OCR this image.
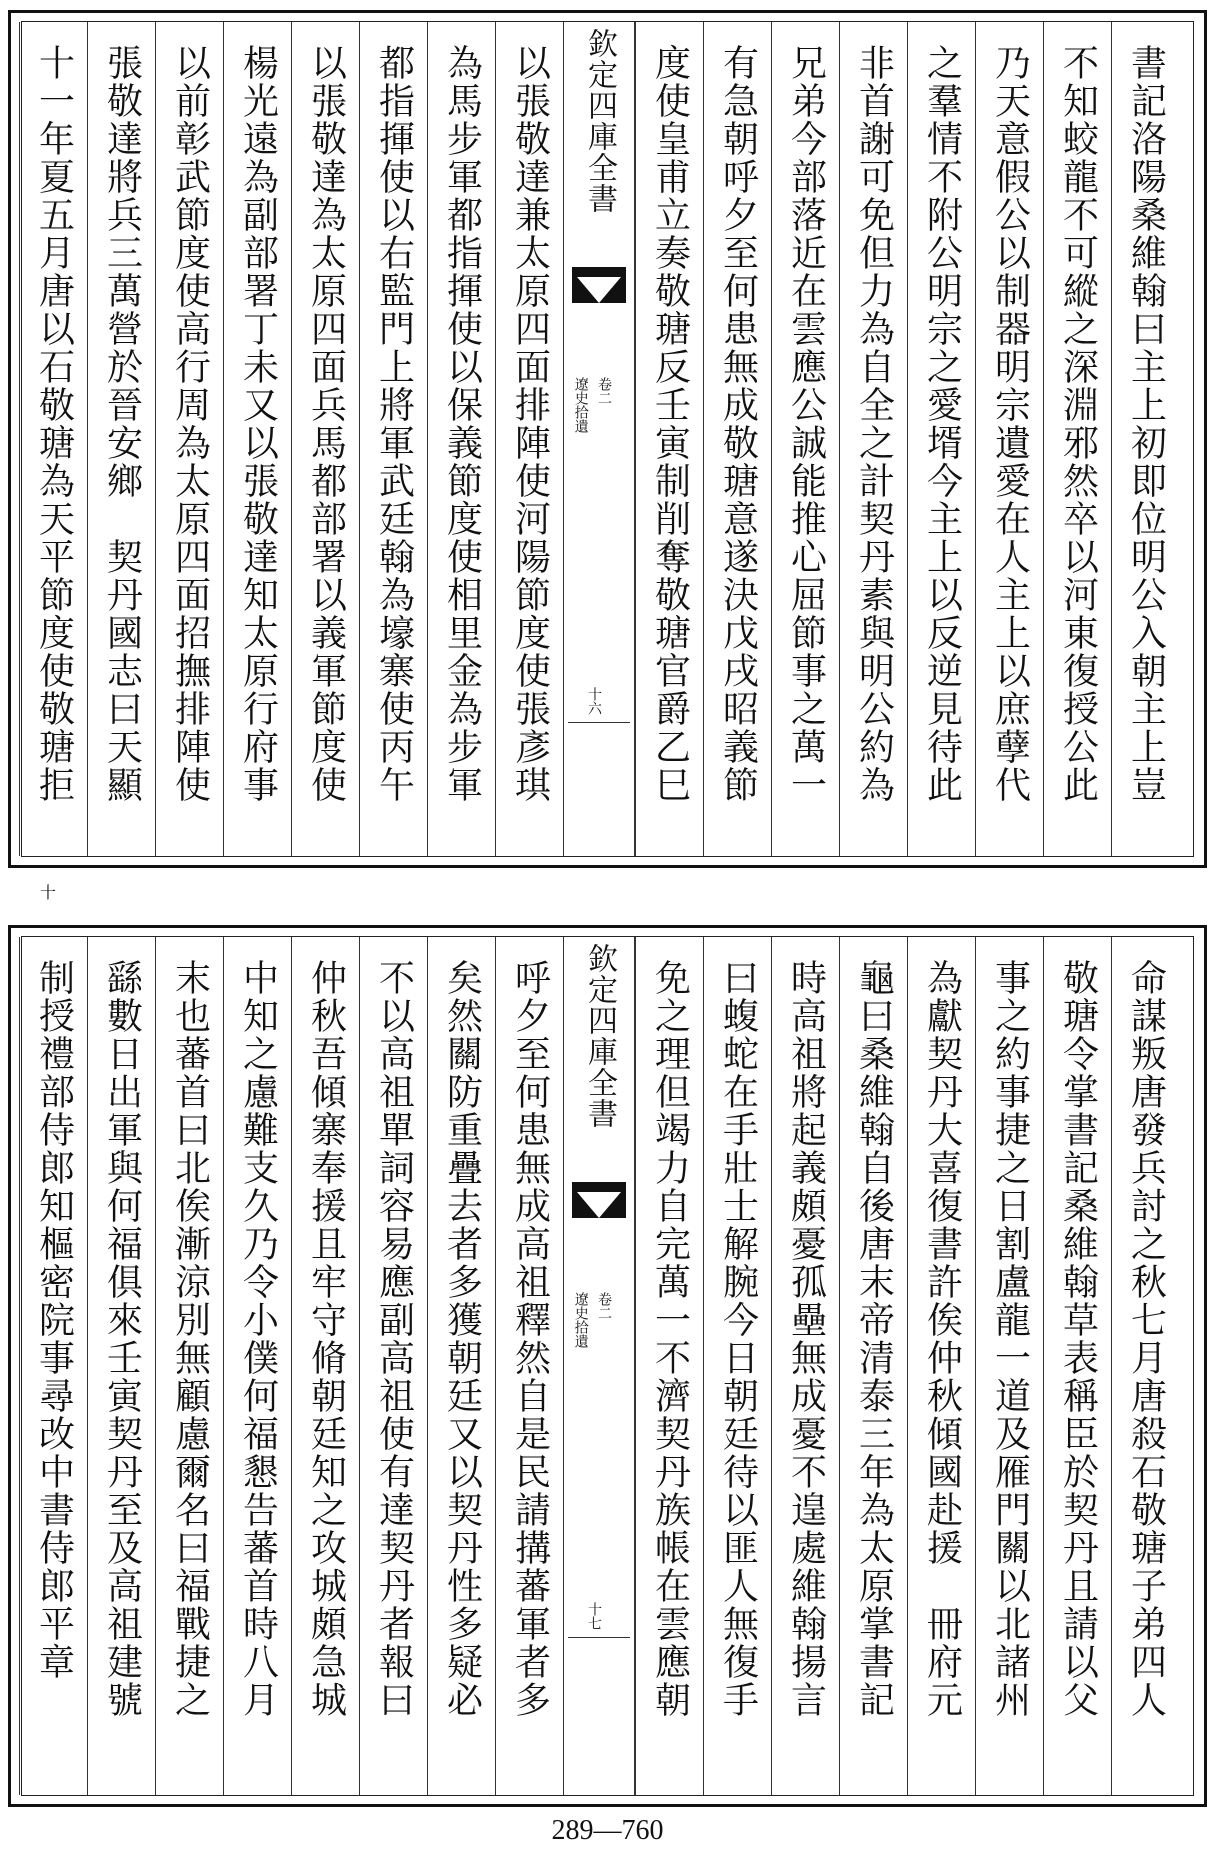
書記洛陽桑維翰曰主上初即位明公入朝主上豈
不知蛟龍不可縱之深淵邪然卒以河東復授公此
乃天意假公以制器明宗遺愛在人主上以庶孽代
之羣情不附公明宗之愛壻今主上以反逆見待此
非首謝可免但力為自全之計契丹素與明公約為
兄弟今部落近在雲應公誠能推心屈節事之萬一
有急朝呼夕至何患無成敬瑭意遂決戊戌昭義節
度使皇甫立奏敬瑭反壬寅制削奪敬瑭官爵乙巳
欽定四庫全書
遼史拾遺 卷二
十六
以張敬達兼太原四面排陣使河陽節度使張彥琪
為馬步軍都指揮使以保義節度使相里金為步軍
都指揮使以右監門上將軍武廷翰為壕寨使丙午
以張敬達為太原四面兵馬都部署以義軍節度使
楊光遠為副部署丁未又以張敬達知太原行府事
以前彰武節度使高行周為太原四面招撫排陣使
張敬達將兵三萬營於晉安鄉　契丹國志曰天顯
十一年夏五月唐以石敬瑭為天平節度使敬瑭拒
十
命謀叛唐發兵討之秋七月唐殺石敬瑭子弟四人
敬瑭令掌書記桑維翰草表稱臣於契丹且請以父
事之約事捷之日割盧龍一道及雁門關以北諸州
為獻契丹大喜復書許俟仲秋傾國赴援　冊府元
龜曰桑維翰自後唐末帝清泰三年為太原掌書記
時高祖將起義頗憂孤壘無成憂不遑處維翰揚言
曰蝮蛇在手壯士解腕今日朝廷待以匪人無復手
免之理但竭力自完萬一不濟契丹族帳在雲應朝
欽定四庫全書
遼史拾遺 卷二
十七
呼夕至何患無成高祖釋然自是民請搆蕃軍者多
矣然關防重疊去者多獲朝廷又以契丹性多疑必
不以高祖單詞容易應副高祖使有達契丹者報曰
仲秋吾傾寨奉援且牢守脩朝廷知之攻城頗急城
中知之慮難支久乃令小僕何福懇告蕃首時八月
末也蕃首曰北俟漸涼別無顧慮爾名曰福戰捷之
繇數日出軍與何福俱來壬寅契丹至及高祖建號
制授禮部侍郎知樞密院事尋改中書侍郎平章
289—760
